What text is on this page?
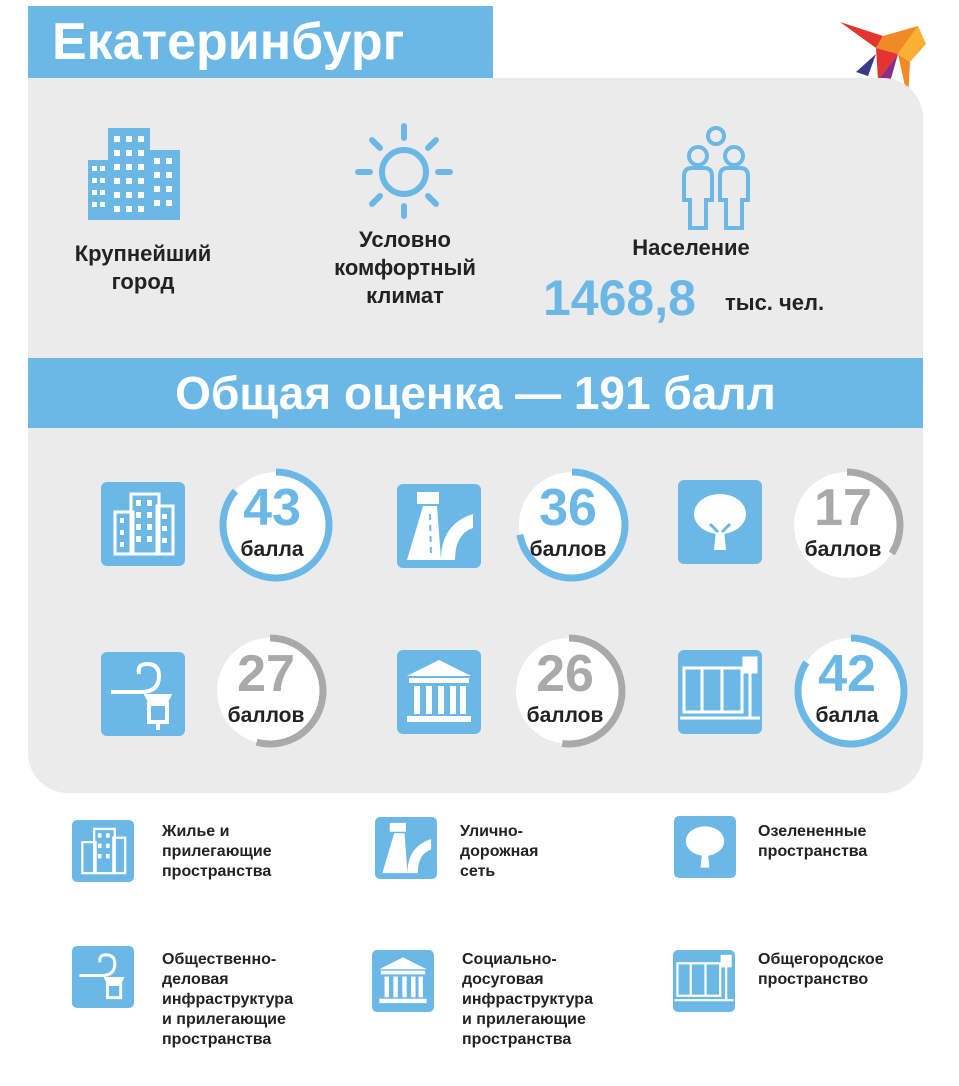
Екатеринбург
Крупнейший
город
Условно
комфортный
климат
Население
1468,8 тыс. чел.
Общая оценка — 191 балл
43
балла
36
баллов
17
баллов
27
баллов
26
баллов
42
балла
Жилье и
прилегающие
пространства
Улично-
дорожная
сеть
Озелененные
пространства
Общественно-
деловая
инфраструктура
и прилегающие
пространства
Социально-
досуговая
инфраструктура
и прилегающие
пространства
Общегородское
пространство
